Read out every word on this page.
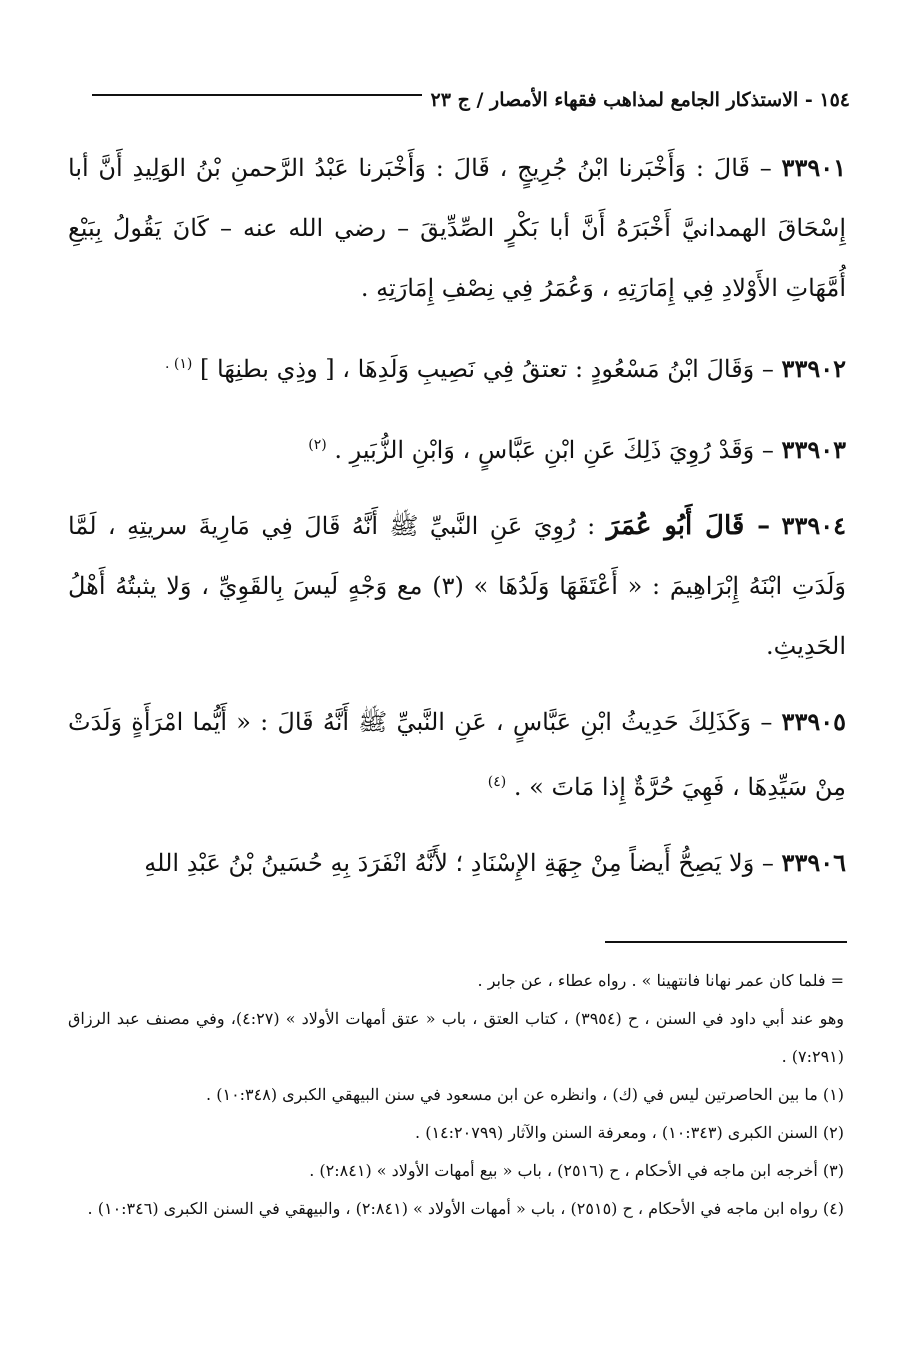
١٥٤ - الاستذكار الجامع لمذاهب فقهاء الأمصار / ج ٢٣

٣٣٩٠١ – قَالَ : وَأَخْبَرنا ابْنُ جُرِيجٍ ، قَالَ : وَأَخْبَرنا عَبْدُ الرَّحمنِ بْنُ الوَلِيدِ أَنَّ أبا إِسْحَاقَ الهمدانيَّ أَخْبَرَهُ أَنَّ أبا بَكْرٍ الصِّدِّيقَ – رضي الله عنه – كَانَ يَقُولُ بِبَيْعِ أُمَّهَاتِ الأَوْلادِ فِي إِمَارَتِهِ ، وَعُمَرُ فِي نِصْفِ إِمَارَتِهِ .

٣٣٩٠٢ – وَقَالَ ابْنُ مَسْعُودٍ : تعتقُ فِي نَصِيبِ وَلَدِهَا ، [ وذِي بطنِهَا ] $^{(١) .}$

٣٣٩٠٣ – وَقَدْ رُوِيَ ذَلِكَ عَنِ ابْنِ عَبَّاسٍ ، وَابْنِ الزُّبَيرِ . $^{(٢)}$

٣٣٩٠٤ – قَالَ أَبُو عُمَرَ : رُوِيَ عَنِ النَّبيِّ ﷺ أَنَّهُ قَالَ فِي مَارِيةَ سريتِهِ ، لَمَّا وَلَدَتِ ابْنَهُ إِبْرَاهِيمَ : « أَعْتَقَهَا وَلَدُهَا » (٣) مع وَجْهٍ لَيسَ بِالقَوِيِّ ، وَلا يثبتُهُ أَهْلُ الحَدِيثِ.

٣٣٩٠٥ – وَكَذَلِكَ حَدِيثُ ابْنِ عَبَّاسٍ ، عَنِ النَّبيِّ ﷺ أَنَّهُ قَالَ : « أَيُّما امْرَأَةٍ وَلَدَتْ مِنْ سَيِّدِهَا ، فَهِيَ حُرَّةٌ إِذا مَاتَ » . $^{(٤)}$

٣٣٩٠٦ – وَلا يَصِحُّ أَيضاً مِنْ جِهَةِ الإِسْنَادِ ؛ لأَنَّهُ انْفَرَدَ بِهِ حُسَينُ بْنُ عَبْدِ اللهِ

= فلما كان عمر نهانا فانتهينا » . رواه عطاء ، عن جابر .

وهو عند أبي داود في السنن ، ح (٣٩٥٤) ، كتاب العتق ، باب « عتق أمهات الأولاد » (٤:٢٧)، وفي مصنف عبد الرزاق (٧:٢٩١) .

(١) ما بين الحاصرتين ليس في (ك) ، وانظره عن ابن مسعود في سنن البيهقي الكبرى (١٠:٣٤٨) .

(٢) السنن الكبرى (١٠:٣٤٣) ، ومعرفة السنن والآثار (١٤:٢٠٧٩٩) .

(٣) أخرجه ابن ماجه في الأحكام ، ح (٢٥١٦) ، باب « بيع أمهات الأولاد » (٢:٨٤١) .

(٤) رواه ابن ماجه في الأحكام ، ح (٢٥١٥) ، باب « أمهات الأولاد » (٢:٨٤١) ، والبيهقي في السنن الكبرى (١٠:٣٤٦) .
